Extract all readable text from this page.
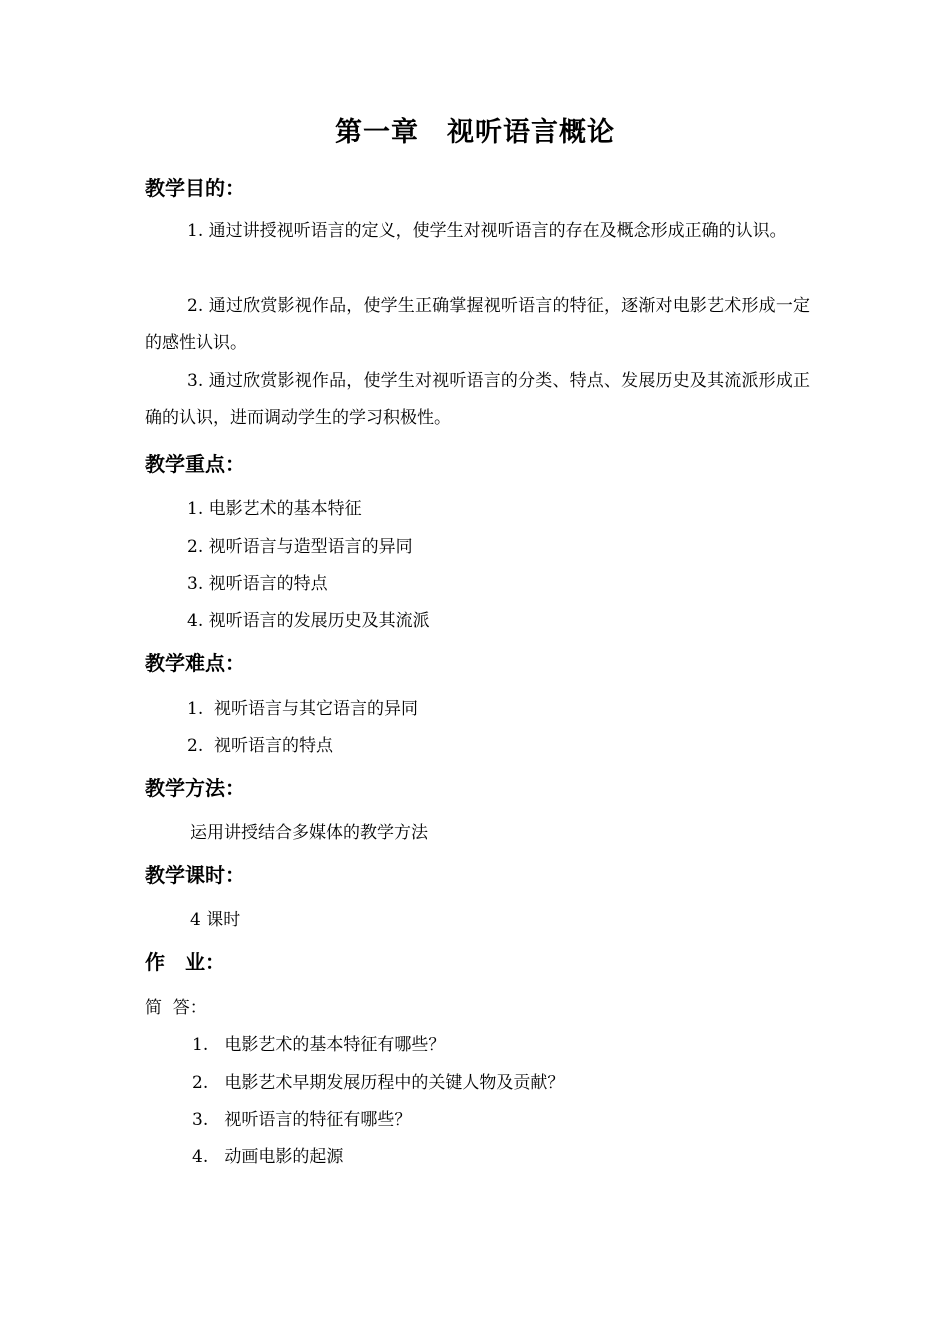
第一章　视听语言概论
教学目的：
1. 通过讲授视听语言的定义，使学生对视听语言的存在及概念形成正确的认识。
2. 通过欣赏影视作品，使学生正确掌握视听语言的特征，逐渐对电影艺术形成一定的感性认识。
3. 通过欣赏影视作品，使学生对视听语言的分类、特点、发展历史及其流派形成正确的认识，进而调动学生的学习积极性。
教学重点：
1. 电影艺术的基本特征
2. 视听语言与造型语言的异同
3. 视听语言的特点
4. 视听语言的发展历史及其流派
教学难点：
1.  视听语言与其它语言的异同
2.  视听语言的特点
教学方法：
运用讲授结合多媒体的教学方法
教学课时：
4 课时
作　业：
简  答：
1.   电影艺术的基本特征有哪些？
2.   电影艺术早期发展历程中的关键人物及贡献？
3.   视听语言的特征有哪些？
4.   动画电影的起源
